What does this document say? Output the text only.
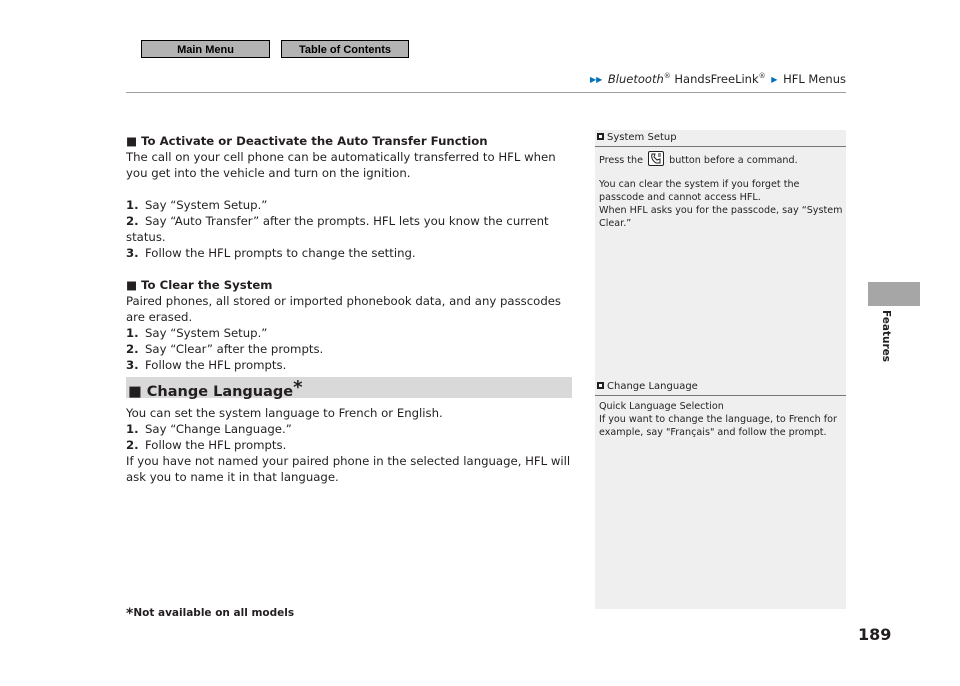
Main Menu	Table of Contents
▶▶ Bluetooth® HandsFreeLink® ▶ HFL Menus
Features

■ To Activate or Deactivate the Auto Transfer Function

The call on your cell phone can be automatically transferred to HFL when you get into the vehicle and turn on the ignition.

1. Say “System Setup.”

2. Say “Auto Transfer” after the prompts. HFL lets you know the current status.

3. Follow the HFL prompts to change the setting.

■ To Clear the System

Paired phones, all stored or imported phonebook data, and any passcodes are erased.

1. Say “System Setup.”

2. Say “Clear” after the prompts.

3. Follow the HFL prompts.

■ Change Language*

You can set the system language to French or English.

1. Say “Change Language.”

2. Follow the HFL prompts.

If you have not named your paired phone in the selected language, HFL will ask you to name it in that language.

System Setup

Press the	button before a command.

You can clear the system if you forget the passcode and cannot access HFL.

When HFL asks you for the passcode, say “System Clear.”

Change Language

Quick Language Selection

If you want to change the language, to French for example, say "Français" and follow the prompt.

*Not available on all models
189
